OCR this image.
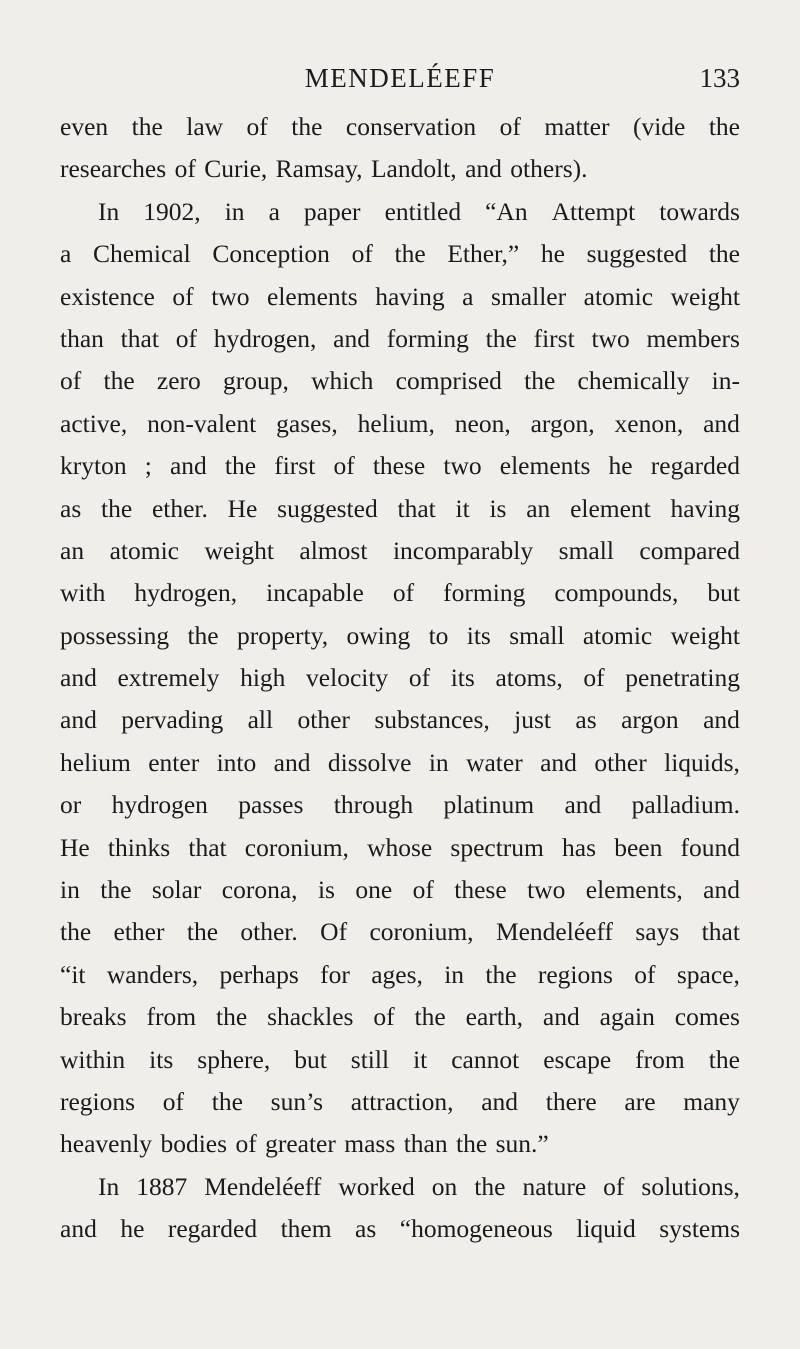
MENDELÉEFF	133
even the law of the conservation of matter (vide the
researches of Curie, Ramsay, Landolt, and others).
In 1902, in a paper entitled “An Attempt towards
a Chemical Conception of the Ether,” he suggested the
existence of two elements having a smaller atomic weight
than that of hydrogen, and forming the first two members
of the zero group, which comprised the chemically in-
active, non-valent gases, helium, neon, argon, xenon, and
kryton ; and the first of these two elements he regarded
as the ether. He suggested that it is an element having
an atomic weight almost incomparably small compared
with hydrogen, incapable of forming compounds, but
possessing the property, owing to its small atomic weight
and extremely high velocity of its atoms, of penetrating
and pervading all other substances, just as argon and
helium enter into and dissolve in water and other liquids,
or hydrogen passes through platinum and palladium.
He thinks that coronium, whose spectrum has been found
in the solar corona, is one of these two elements, and
the ether the other. Of coronium, Mendeléeff says that
“it wanders, perhaps for ages, in the regions of space,
breaks from the shackles of the earth, and again comes
within its sphere, but still it cannot escape from the
regions of the sun’s attraction, and there are many
heavenly bodies of greater mass than the sun.”
In 1887 Mendeléeff worked on the nature of solutions,
and he regarded them as “homogeneous liquid systems
